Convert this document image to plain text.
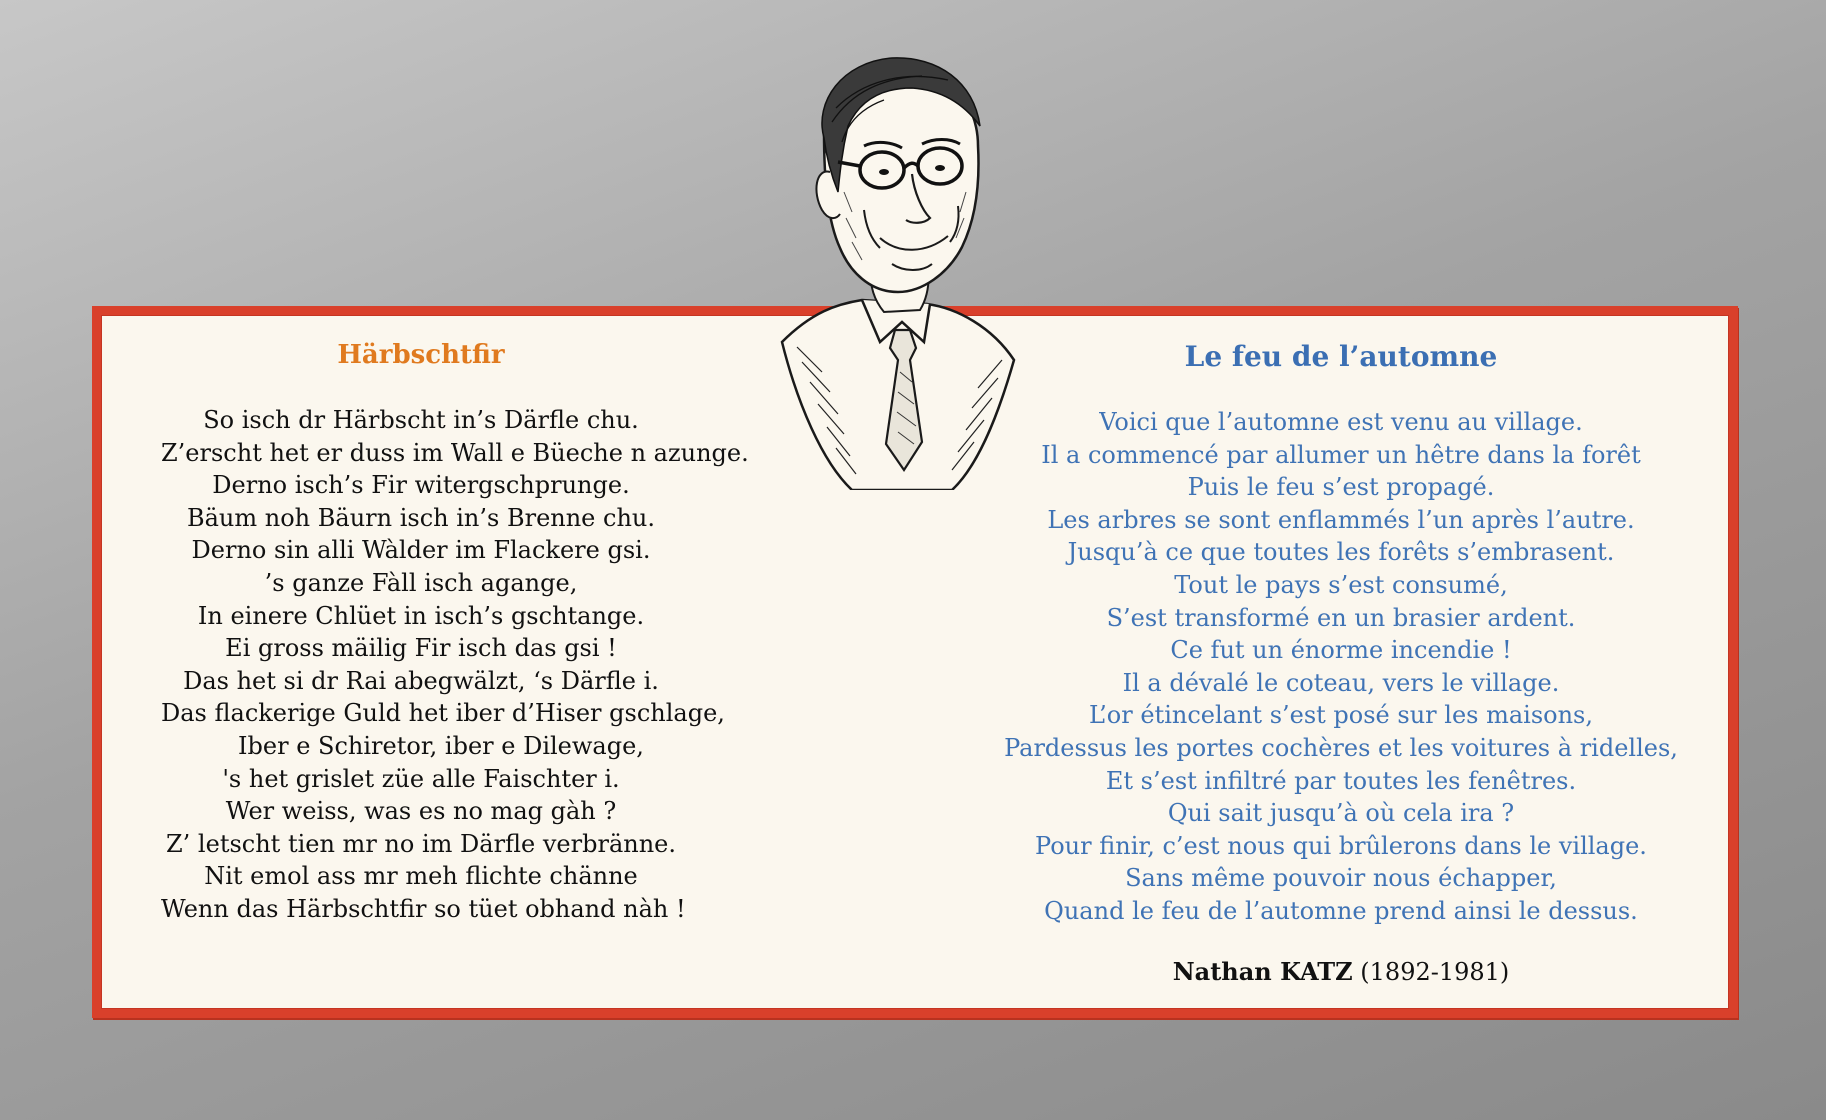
Härbschtfir
So isch dr Härbscht in’s Därfle chu.
Z’erscht het er duss im Wall e Büeche n azunge.
Derno isch’s Fir witergschprunge.
Bäum noh Bäurn isch in’s Brenne chu.
Derno sin alli Wàlder im Flackere gsi.
’s ganze Fàll isch agange,
In einere Chlüet in isch’s gschtange.
Ei gross mäilig Fir isch das gsi !
Das het si dr Rai abegwälzt, ‘s Därfle i.
Das flackerige Guld het iber d’Hiser gschlage,
Iber e Schiretor, iber e Dilewage,
's het grislet züe alle Faischter i.
Wer weiss, was es no mag gàh ?
Z’ letscht tien mr no im Därfle verbränne.
Nit emol ass mr meh flichte chänne
Wenn das Härbschtfir so tüet obhand nàh !
Le feu de l’automne
Voici que l’automne est venu au village.
Il a commencé par allumer un hêtre dans la forêt
Puis le feu s’est propagé.
Les arbres se sont enflammés l’un après l’autre.
Jusqu’à ce que toutes les forêts s’embrasent.
Tout le pays s’est consumé,
S’est transformé en un brasier ardent.
Ce fut un énorme incendie !
Il a dévalé le coteau, vers le village.
L’or étincelant s’est posé sur les maisons,
Pardessus les portes cochères et les voitures à ridelles,
Et s’est infiltré par toutes les fenêtres.
Qui sait jusqu’à où cela ira ?
Pour finir, c’est nous qui brûlerons dans le village.
Sans même pouvoir nous échapper,
Quand le feu de l’automne prend ainsi le dessus.
Nathan KATZ (1892-1981)
